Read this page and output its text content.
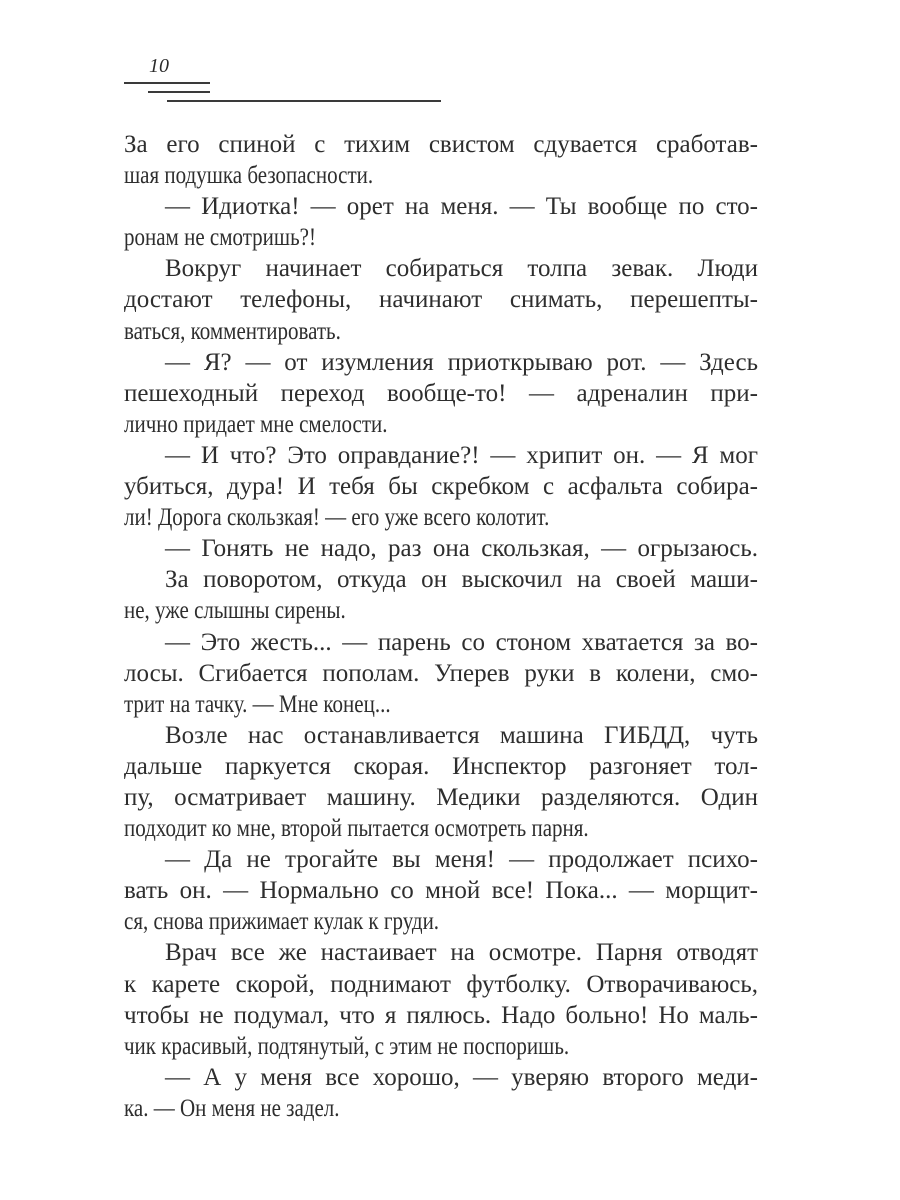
10
За его спиной с тихим свистом сдувается сработав-
шая подушка безопасности.
— Идиотка! — орет на меня. — Ты вообще по сто-
ронам не смотришь?!
Вокруг начинает собираться толпа зевак. Люди
достают телефоны, начинают снимать, перешепты-
ваться, комментировать.
— Я? — от изумления приоткрываю рот. — Здесь
пешеходный переход вообще-то! — адреналин при-
лично придает мне смелости.
— И что? Это оправдание?! — хрипит он. — Я мог
убиться, дура! И тебя бы скребком с асфальта собира-
ли! Дорога скользкая! — его уже всего колотит.
— Гонять не надо, раз она скользкая, — огрызаюсь.
За поворотом, откуда он выскочил на своей маши-
не, уже слышны сирены.
— Это жесть... — парень со стоном хватается за во-
лосы. Сгибается пополам. Уперев руки в колени, смо-
трит на тачку. — Мне конец...
Возле нас останавливается машина ГИБДД, чуть
дальше паркуется скорая. Инспектор разгоняет тол-
пу, осматривает машину. Медики разделяются. Один
подходит ко мне, второй пытается осмотреть парня.
— Да не трогайте вы меня! — продолжает психо-
вать он. — Нормально со мной все! Пока... — морщит-
ся, снова прижимает кулак к груди.
Врач все же настаивает на осмотре. Парня отводят
к карете скорой, поднимают футболку. Отворачиваюсь,
чтобы не подумал, что я пялюсь. Надо больно! Но маль-
чик красивый, подтянутый, с этим не поспоришь.
— А у меня все хорошо, — уверяю второго меди-
ка. — Он меня не задел.
